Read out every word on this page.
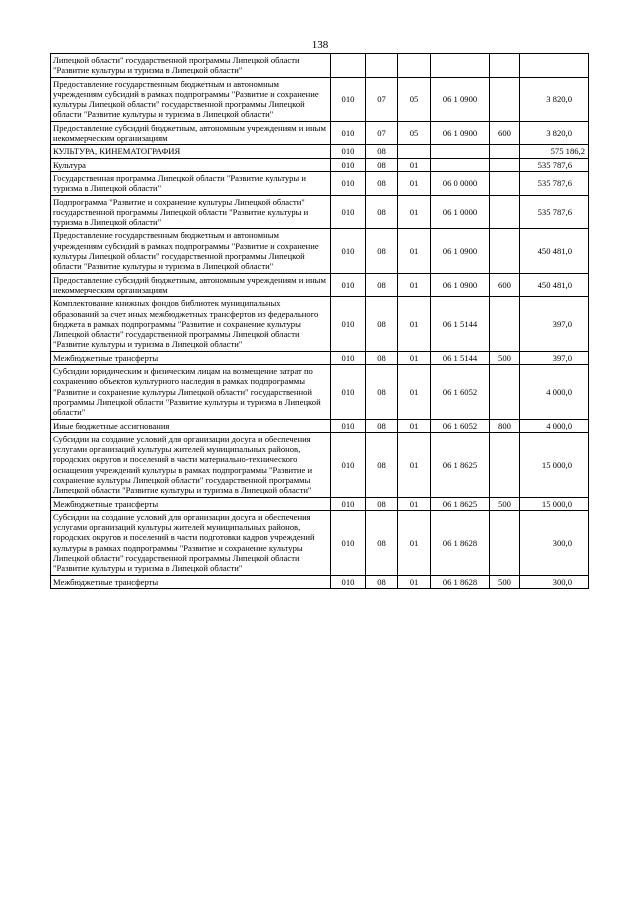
138
Липецкой области" государственной программы Липецкой области "Развитие культуры и туризма в Липецкой области"						
Предоставление государственным бюджетным и автономным учреждениям субсидий в рамках подпрограммы "Развитие и сохранение культуры Липецкой области" государственной программы Липецкой области "Развитие культуры и туризма в Липецкой области"	010	07	05	06 1 0900		3 820,0
Предоставление субсидий бюджетным, автономным учреждениям и иным некоммерческим организациям	010	07	05	06 1 0900	600	3 820,0
КУЛЬТУРА, КИНЕМАТОГРАФИЯ	010	08				575 186,2
Культура	010	08	01			535 787,6
Государственная программа Липецкой области "Развитие культуры и туризма в Липецкой области"	010	08	01	06 0 0000		535 787,6
Подпрограмма "Развитие и сохранение культуры Липецкой области" государственной программы Липецкой области "Развитие культуры и туризма в Липецкой области"	010	08	01	06 1 0000		535 787,6
Предоставление государственным бюджетным и автономным учреждениям субсидий в рамках подпрограммы "Развитие и сохранение культуры Липецкой области" государственной программы Липецкой области "Развитие культуры и туризма в Липецкой области"	010	08	01	06 1 0900		450 481,0
Предоставление субсидий бюджетным, автономным учреждениям и иным некоммерческим организациям	010	08	01	06 1 0900	600	450 481,0
Комплектование книжных фондов библиотек муниципальных образований за счет иных межбюджетных трансфертов из федерального бюджета в рамках подпрограммы "Развитие и сохранение культуры Липецкой области" государственной программы Липецкой области "Развитие культуры и туризма в Липецкой области"	010	08	01	06 1 5144		397,0
Межбюджетные трансферты	010	08	01	06 1 5144	500	397,0
Субсидии юридическим и физическим лицам на возмещение затрат по сохранению объектов культурного наследия в рамках подпрограммы "Развитие и сохранение культуры Липецкой области" государственной программы Липецкой области "Развитие культуры и туризма в Липецкой области"	010	08	01	06 1 6052		4 000,0
Иные бюджетные ассигнования	010	08	01	06 1 6052	800	4 000,0
Субсидии на создание условий для организации досуга и обеспечения услугами организаций культуры жителей муниципальных районов, городских округов и поселений в части материально-технического оснащения учреждений культуры в рамках подпрограммы "Развитие и сохранение культуры Липецкой области" государственной программы Липецкой области "Развитие культуры и туризма в Липецкой области"	010	08	01	06 1 8625		15 000,0
Межбюджетные трансферты	010	08	01	06 1 8625	500	15 000,0
Субсидии на создание условий для организации досуга и обеспечения услугами организаций культуры жителей муниципальных районов, городских округов и поселений в части подготовки кадров учреждений культуры в рамках подпрограммы "Развитие и сохранение культуры Липецкой области" государственной программы Липецкой области "Развитие культуры и туризма в Липецкой области"	010	08	01	06 1 8628		300,0
Межбюджетные трансферты	010	08	01	06 1 8628	500	300,0
